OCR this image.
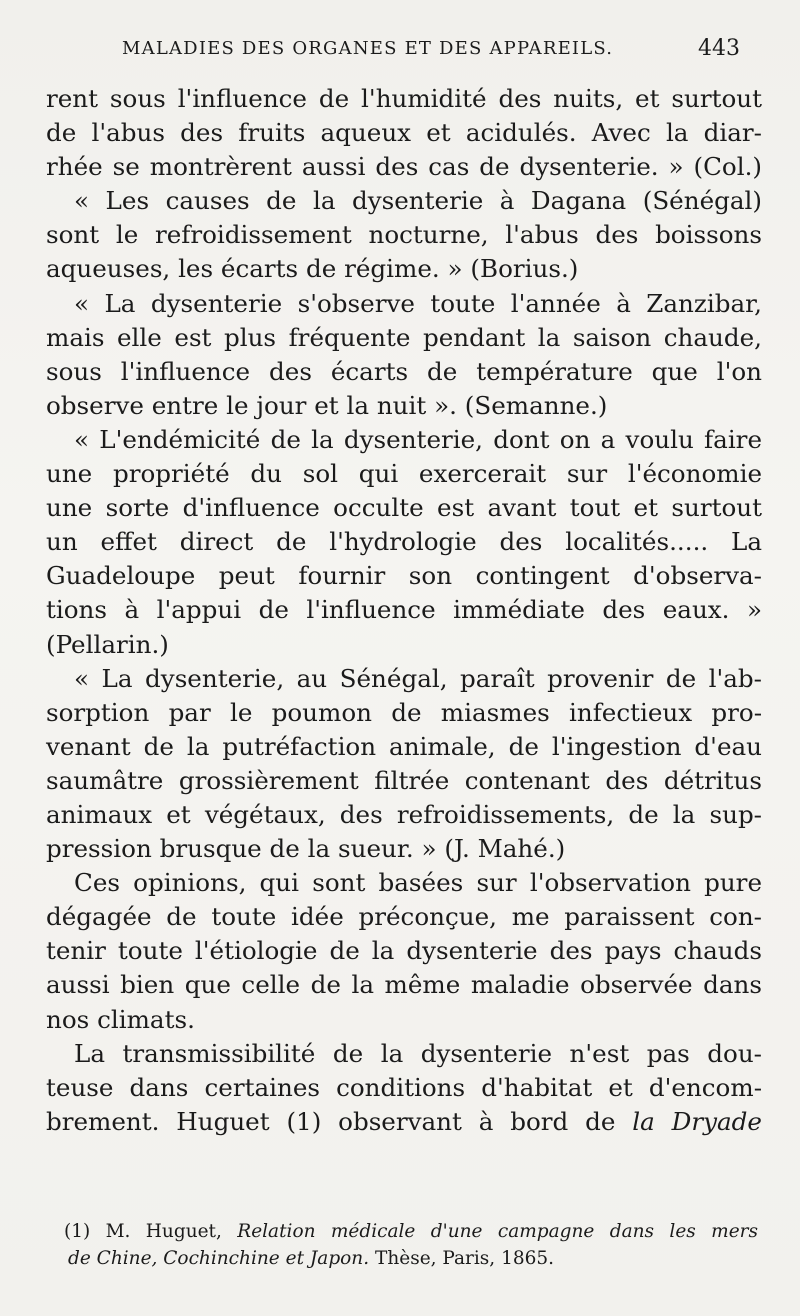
MALADIES DES ORGANES ET DES APPAREILS.	443
rent sous l'influence de l'humidité des nuits, et surtout
de l'abus des fruits aqueux et acidulés. Avec la diar-
rhée se montrèrent aussi des cas de dysenterie. » (Col.)
« Les causes de la dysenterie à Dagana (Sénégal)
sont le refroidissement nocturne, l'abus des boissons
aqueuses, les écarts de régime. » (Borius.)
« La dysenterie s'observe toute l'année à Zanzibar,
mais elle est plus fréquente pendant la saison chaude,
sous l'influence des écarts de température que l'on
observe entre le jour et la nuit ». (Semanne.)
« L'endémicité de la dysenterie, dont on a voulu faire
une propriété du sol qui exercerait sur l'économie
une sorte d'influence occulte est avant tout et surtout
un effet direct de l'hydrologie des localités..... La
Guadeloupe peut fournir son contingent d'observa-
tions à l'appui de l'influence immédiate des eaux. »
(Pellarin.)
« La dysenterie, au Sénégal, paraît provenir de l'ab-
sorption par le poumon de miasmes infectieux pro-
venant de la putréfaction animale, de l'ingestion d'eau
saumâtre grossièrement filtrée contenant des détritus
animaux et végétaux, des refroidissements, de la sup-
pression brusque de la sueur. » (J. Mahé.)
Ces opinions, qui sont basées sur l'observation pure
dégagée de toute idée préconçue, me paraissent con-
tenir toute l'étiologie de la dysenterie des pays chauds
aussi bien que celle de la même maladie observée dans
nos climats.
La transmissibilité de la dysenterie n'est pas dou-
teuse dans certaines conditions d'habitat et d'encom-
brement. Huguet (1) observant à bord de la Dryade
(1) M. Huguet, Relation médicale d'une campagne dans les mers
de Chine, Cochinchine et Japon. Thèse, Paris, 1865.
